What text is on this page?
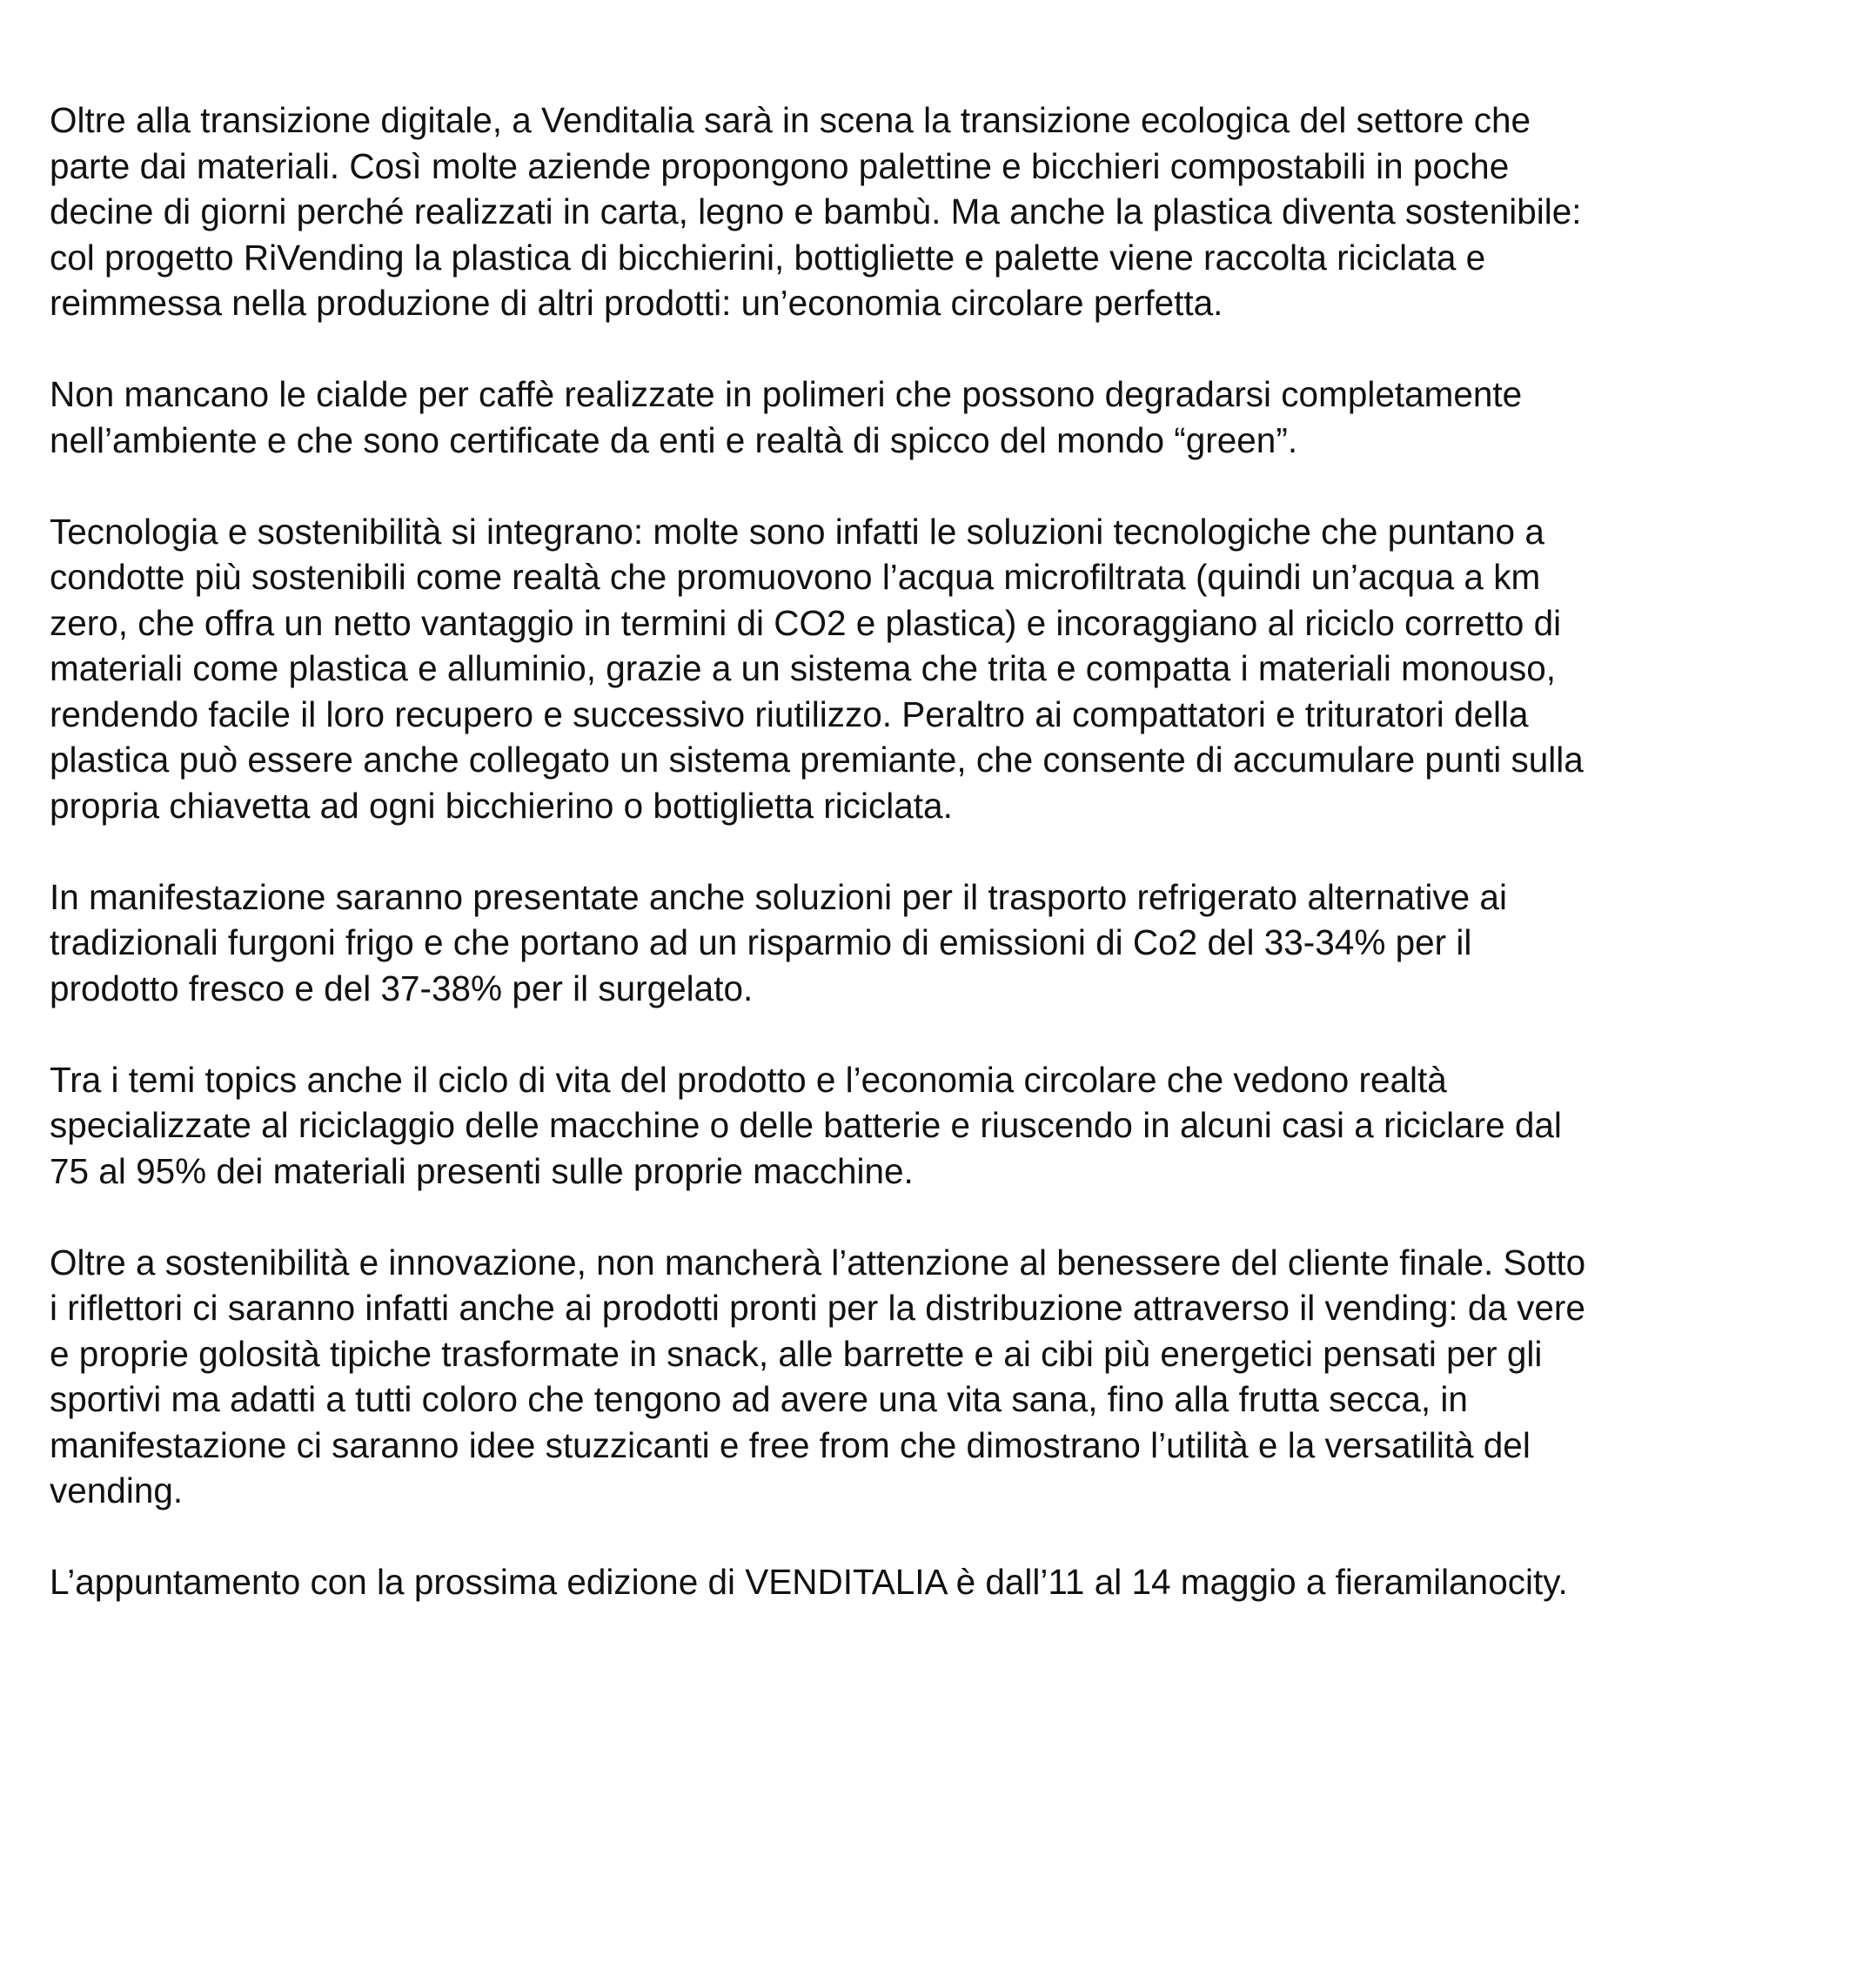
Oltre alla transizione digitale, a Venditalia sarà in scena la transizione ecologica del settore che
parte dai materiali. Così molte aziende propongono palettine e bicchieri compostabili in poche
decine di giorni perché realizzati in carta, legno e bambù. Ma anche la plastica diventa sostenibile:
col progetto RiVending la plastica di bicchierini, bottigliette e palette viene raccolta riciclata e
reimmessa nella produzione di altri prodotti: un’economia circolare perfetta.

Non mancano le cialde per caffè realizzate in polimeri che possono degradarsi completamente
nell’ambiente e che sono certificate da enti e realtà di spicco del mondo “green”.

Tecnologia e sostenibilità si integrano: molte sono infatti le soluzioni tecnologiche che puntano a
condotte più sostenibili come realtà che promuovono l’acqua microfiltrata (quindi un’acqua a km
zero, che offra un netto vantaggio in termini di CO2 e plastica) e incoraggiano al riciclo corretto di
materiali come plastica e alluminio, grazie a un sistema che trita e compatta i materiali monouso,
rendendo facile il loro recupero e successivo riutilizzo. Peraltro ai compattatori e trituratori della
plastica può essere anche collegato un sistema premiante, che consente di accumulare punti sulla
propria chiavetta ad ogni bicchierino o bottiglietta riciclata.

In manifestazione saranno presentate anche soluzioni per il trasporto refrigerato alternative ai
tradizionali furgoni frigo e che portano ad un risparmio di emissioni di Co2 del 33-34% per il
prodotto fresco e del 37-38% per il surgelato.

Tra i temi topics anche il ciclo di vita del prodotto e l’economia circolare che vedono realtà
specializzate al riciclaggio delle macchine o delle batterie e riuscendo in alcuni casi a riciclare dal
75 al 95% dei materiali presenti sulle proprie macchine.

Oltre a sostenibilità e innovazione, non mancherà l’attenzione al benessere del cliente finale. Sotto
i riflettori ci saranno infatti anche ai prodotti pronti per la distribuzione attraverso il vending: da vere
e proprie golosità tipiche trasformate in snack, alle barrette e ai cibi più energetici pensati per gli
sportivi ma adatti a tutti coloro che tengono ad avere una vita sana, fino alla frutta secca, in
manifestazione ci saranno idee stuzzicanti e free from che dimostrano l’utilità e la versatilità del
vending.

L’appuntamento con la prossima edizione di VENDITALIA è dall’11 al 14 maggio a fieramilanocity.
